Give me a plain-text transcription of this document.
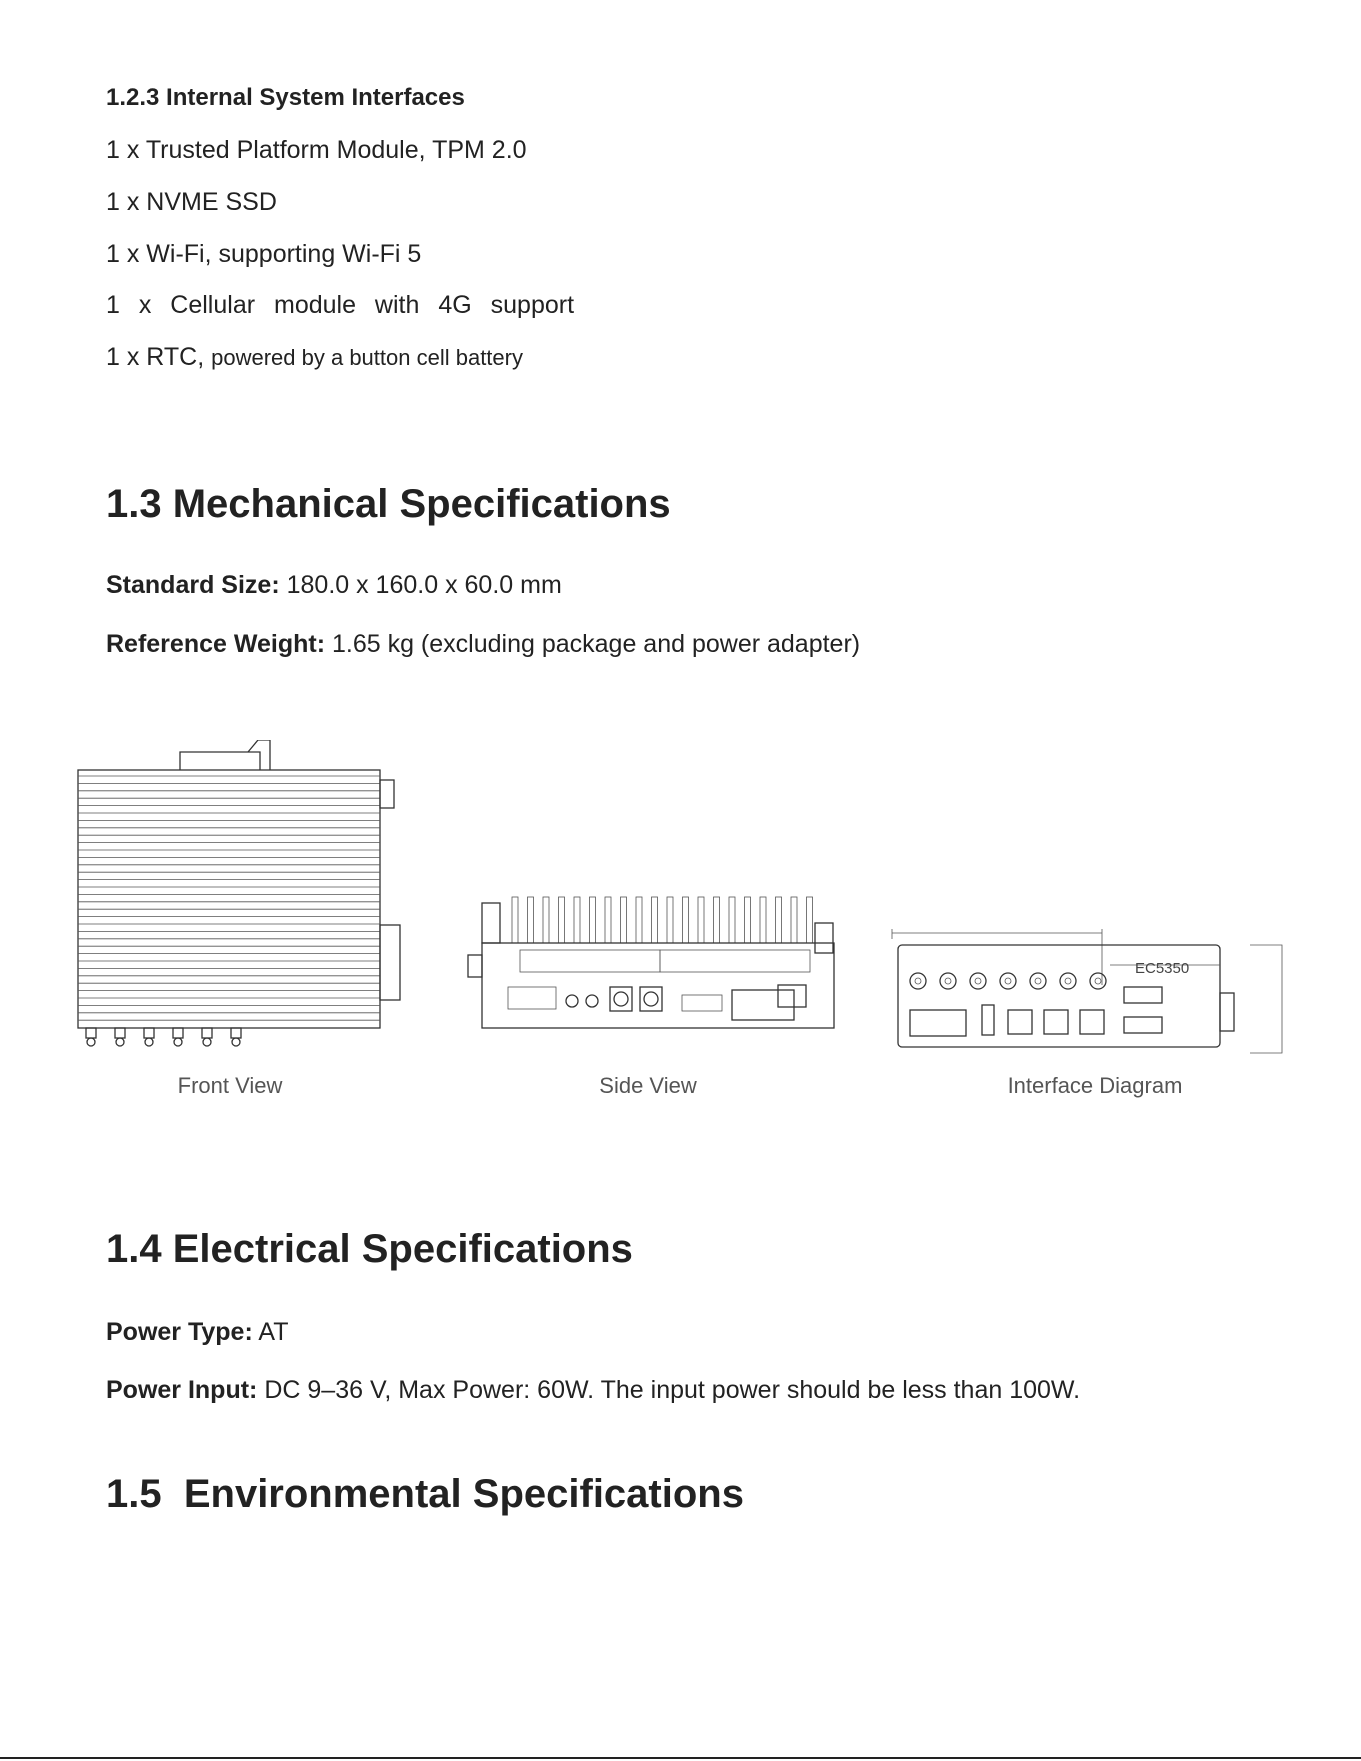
1.2.3 Internal System Interfaces
1 x Trusted Platform Module, TPM 2.0
1 x NVME SSD
1 x Wi-Fi, supporting Wi-Fi 5
1 x Cellular module with 4G support
1 x RTC, powered by a button cell battery
1.3 Mechanical Specifications
Standard Size: 180.0 x 160.0 x 60.0 mm
Reference Weight: 1.65 kg (excluding package and power adapter)
EC5350
Front View	Side View	Interface Diagram
1.4 Electrical Specifications
Power Type: AT
Power Input: DC 9–36 V, Max Power: 60W. The input power should be less than 100W.
1.5  Environmental Specifications
